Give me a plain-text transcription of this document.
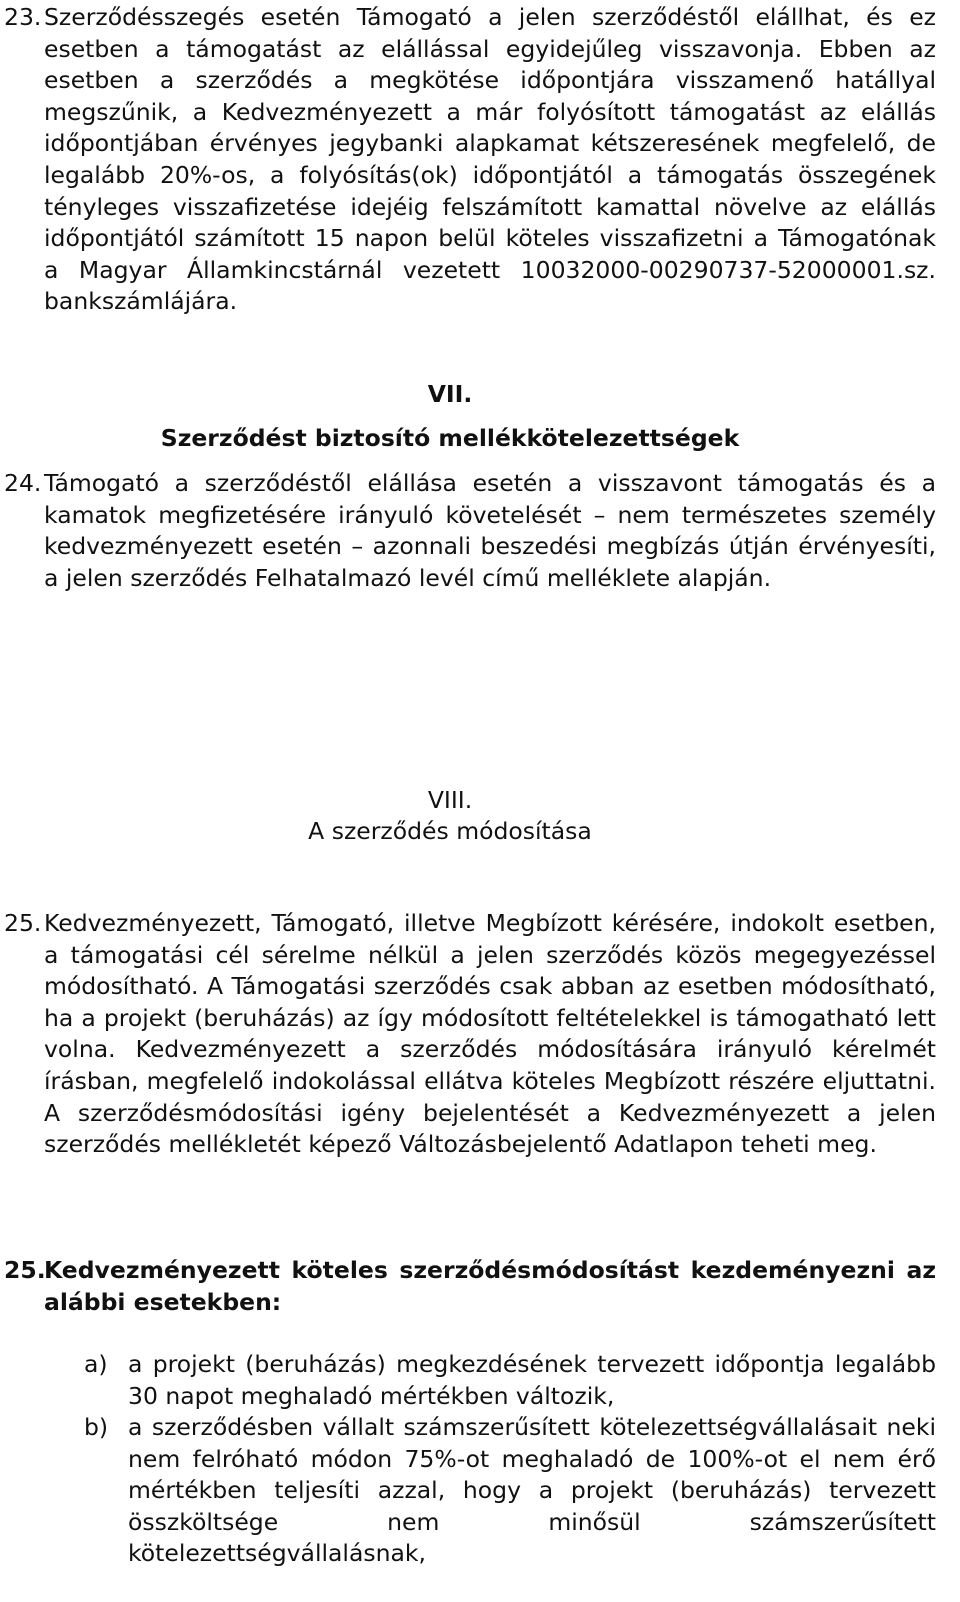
23. Szerződésszegés esetén Támogató a jelen szerződéstől elállhat, és ez esetben a támogatást az elállással egyidejűleg visszavonja. Ebben az esetben a szerződés a megkötése időpontjára visszamenő hatállyal megszűnik, a Kedvezményezett a már folyósított támogatást az elállás időpontjában érvényes jegybanki alapkamat kétszeresének megfelelő, de legalább 20%-os, a folyósítás(ok) időpontjától a támogatás összegének tényleges visszafizetése idejéig felszámított kamattal növelve az elállás időpontjától számított 15 napon belül köteles visszafizetni a Támogatónak a Magyar Államkincstárnál vezetett 10032000-00290737-52000001.sz. bankszámlájára.
VII.
Szerződést biztosító mellékkötelezettségek
24. Támogató a szerződéstől elállása esetén a visszavont támogatás és a kamatok megfizetésére irányuló követelését – nem természetes személy kedvezményezett esetén – azonnali beszedési megbízás útján érvényesíti, a jelen szerződés Felhatalmazó levél című melléklete alapján.
VIII.
A szerződés módosítása
25. Kedvezményezett, Támogató, illetve Megbízott kérésére, indokolt esetben, a támogatási cél sérelme nélkül a jelen szerződés közös megegyezéssel módosítható. A Támogatási szerződés csak abban az esetben módosítható, ha a projekt (beruházás) az így módosított feltételekkel is támogatható lett volna. Kedvezményezett a szerződés módosítására irányuló kérelmét írásban, megfelelő indokolással ellátva köteles Megbízott részére eljuttatni. A szerződésmódosítási igény bejelentését a Kedvezményezett a jelen szerződés mellékletét képező Változásbejelentő Adatlapon teheti meg.
25.
Kedvezményezett köteles szerződésmódosítást kezdeményezni az alábbi esetekben:
a) a projekt (beruházás) megkezdésének tervezett időpontja legalább 30 napot meghaladó mértékben változik,
b) a szerződésben vállalt számszerűsített kötelezettségvállalásait neki nem felróható módon 75%-ot meghaladó de 100%-ot el nem érő mértékben teljesíti azzal, hogy a projekt (beruházás) tervezett összköltsége nem minősül számszerűsített kötelezettségvállalásnak,
